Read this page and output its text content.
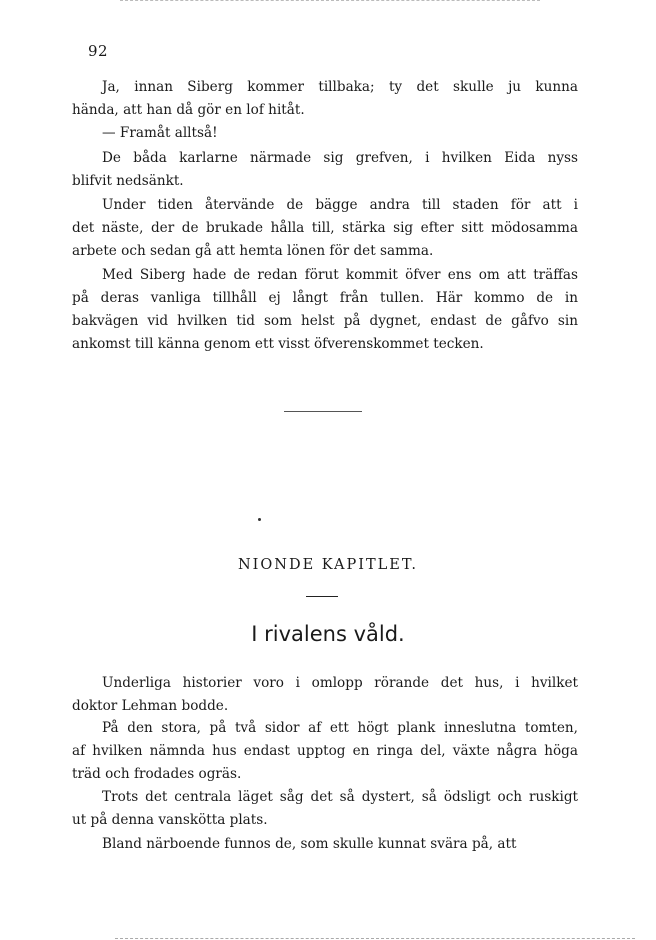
92

Ja, innan Siberg kommer tillbaka; ty det skulle ju kunna
hända, att han då gör en lof hitåt.

— Framåt alltså!

De båda karlarne närmade sig grefven, i hvilken Eida nyss
blifvit nedsänkt.

Under tiden återvände de bägge andra till staden för att i
det näste, der de brukade hålla till, stärka sig efter sitt mödosamma
arbete och sedan gå att hemta lönen för det samma.

Med Siberg hade de redan förut kommit öfver ens om att träffas
på deras vanliga tillhåll ej långt från tullen. Här kommo de in
bakvägen vid hvilken tid som helst på dygnet, endast de gåfvo sin
ankomst till känna genom ett visst öfverenskommet tecken.

NIONDE KAPITLET.
I rivalens våld.

Underliga historier voro i omlopp rörande det hus, i hvilket
doktor Lehman bodde.

På den stora, på två sidor af ett högt plank inneslutna tomten,
af hvilken nämnda hus endast upptog en ringa del, växte några höga
träd och frodades ogräs.

Trots det centrala läget såg det så dystert, så ödsligt och ruskigt
ut på denna vanskötta plats.

Bland närboende funnos de, som skulle kunnat svära på, att
